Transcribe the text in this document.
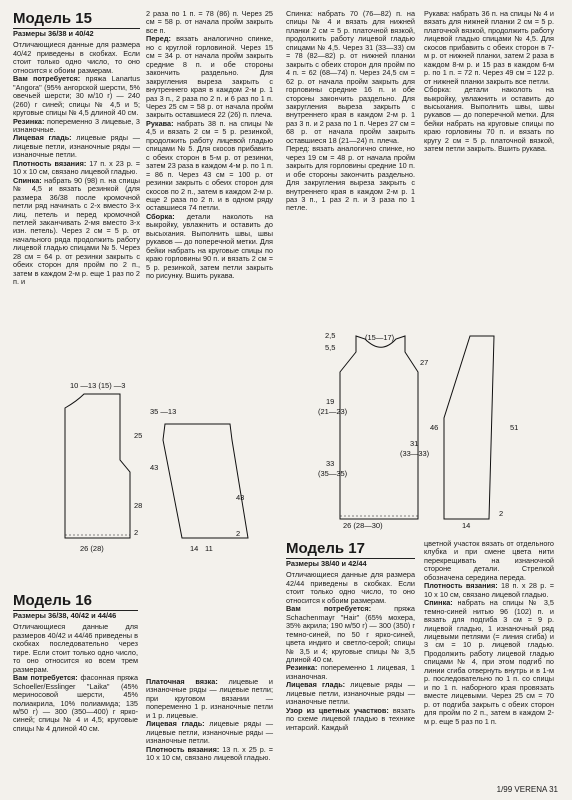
Модель 15
Размеры 36/38 и 40/42

Отличающиеся данные для размера 40/42 приведены в скобках. Если стоит только одно число, то оно относится к обоим размерам.

Вам потребуется: пряжа Lanartus "Angora" (95% ангорской шерсти, 5% овечьей шерсти; 30 м/10 г) — 240 (260) г синей; спицы № 4,5 и 5; круговые спицы № 4,5 длиной 40 см.

Резинка: попеременно 3 лицевые, 3 изнаночные.

Лицевая гладь: лицевые ряды — лицевые петли, изнаночные ряды — изнаночные петли.

Плотность вязания: 17 п. x 23 р. = 10 x 10 см, связано лицевой гладью.

Спинка: набрать 90 (98) п. на спицы № 4,5 и вязать резинкой (для размера 36/38 после кромочной петли ряд начинать с 2-х вместо 3-х лиц. петель и перед кромочной петлей заканчивать 2-мя вместо 3-х изн. петель). Через 2 см = 5 р. от начального ряда продолжить работу лицевой гладью спицами № 5. Через 28 см = 64 р. от резинки закрыть с обеих сторон для пройм по 2 п., затем в каждом 2-м р. еще 1 раз по 2 п. и

2 раза по 1 п. = 78 (86) п. Через 25 см = 58 р. от начала пройм закрыть все п.

Перед: вязать аналогично спинке, но с круглой горловиной. Через 15 см = 34 р. от начала пройм закрыть средние 8 п. и обе стороны закончить раздельно. Для закругления выреза закрыть с внутреннего края в каждом 2-м р. 1 раз 3 п., 2 раза по 2 п. и 6 раз по 1 п. Через 25 см = 58 р. от начала пройм закрыть оставшиеся 22 (26) п. плеча.

Рукава: набрать 38 п. на спицы № 4,5 и вязать 2 см = 5 р. резинкой, продолжить работу лицевой гладью спицами № 5. Для скосов прибавить с обеих сторон в 5-м р. от резинки, затем 23 раза в каждом 4-м р. по 1 п. = 86 п. Через 43 см = 100 р. от резинки закрыть с обеих сторон для скосов по 2 п., затем в каждом 2-м р. еще 2 раза по 2 п. и в одном ряду оставшиеся 74 петли.

Сборка: детали наколоть на выкройку, увлажнить и оставить до высыхания. Выполнить швы, швы рукавов — до поперечной метки. Для бейки набрать на круговые спицы по краю горловины 90 п. и вязать 2 см = 5 р. резинкой, затем петли закрыть по рисунку. Вшить рукава.

Спинка: набрать 70 (76—82) п. на спицы № 4 и вязать для нижней планки 2 см = 5 р. платочной вязкой, продолжить работу лицевой гладью спицами № 4,5. Через 31 (33—33) см = 78 (82—82) р. от нижней планки закрыть с обеих сторон для пройм по 4 п. = 62 (68—74) п. Через 24,5 см = 62 р. от начала пройм закрыть для горловины средние 16 п. и обе стороны закончить раздельно. Для закругления выреза закрыть с внутреннего края в каждом 2-м р. 1 раз 3 п. и 2 раза по 1 п. Через 27 см = 68 р. от начала пройм закрыть оставшиеся 18 (21—24) п. плеча.

Перед: вязать аналогично спинке, но через 19 см = 48 р. от начала пройм закрыть для горловины средние 10 п. и обе стороны закончить раздельно. Для закругления выреза закрыть с внутреннего края в каждом 2-м р. 1 раз 3 п., 1 раз 2 п. и 3 раза по 1 петле.

Рукава: набрать 36 п. на спицы № 4 и вязать для нижней планки 2 см = 5 р. платочной вязкой, продолжить работу лицевой гладью спицами № 4,5. Для скосов прибавить с обеих сторон в 7-м р. от нижней планки, затем 2 раза в каждом 8-м р. и 15 раз в каждом 6-м р. по 1 п. = 72 п. Через 49 см = 122 р. от нижней планки закрыть все петли.

Сборка: детали наколоть на выкройку, увлажнить и оставить до высыхания. Выполнить швы, швы рукавов — до поперечной метки. Для бейки набрать на круговые спицы по краю горловины 70 п. и вязать по кругу 2 см = 5 р. платочной вязкой, затем петли закрыть. Вшить рукава.

(15—17)
2,5
5,5
19
(21—23)
27
33
(35—35)
31
(33—33)
26 (28—30)
46	51
2
14
10 —13 (15) —3
25
43
28
2
26 (28)
35 —13
43
2
14 11
Модель 16
Размеры 36/38, 40/42 и 44/46

Отличающиеся данные для размеров 40/42 и 44/46 приведены в скобках последовательно через тире. Если стоит только одно число, то оно относится ко всем трем размерам.

Вам потребуется: фасонная пряжа Schoeller/Esslinger "Laika" (45% мериносовой шерсти, 45% полиакрила, 10% полиамида; 135 м/50 г) — 300 (350—400) г ярко-синей; спицы № 4 и 4,5; круговые спицы № 4 длиной 40 см.

Платочная вязка: лицевые и изнаночные ряды — лицевые петли; при круговом вязании — попеременно 1 р. изнаночные петли и 1 р. лицевые.

Лицевая гладь: лицевые ряды — лицевые петли, изнаночные ряды — изнаночные петли.

Плотность вязания: 13 п. x 25 р. = 10 x 10 см, связано лицевой гладью.

Модель 17
Размеры 38/40 и 42/44

Отличающиеся данные для размера 42/44 приведены в скобках. Если стоит только одно число, то оно относится к обоим размерам.

Вам потребуется:	пряжа Schachenmayr "Hair" (65% мохера, 35% акрила; 190 м/50 г) — 300 (350) г темно-синей, по 50 г ярко-синей, цвета индиго и светло-серой; спицы № 3,5 и 4; круговые спицы № 3,5 длиной 40 см.

Резинка: попеременно 1 лицевая, 1 изнаночная.

Лицевая гладь: лицевые ряды — лицевые петли, изнаночные ряды — изнаночные петли.

Узор из цветных участков: вязать по схеме лицевой гладью в технике интарсий. Каждый

цветной участок вязать от отдельного клубка и при смене цвета нити перекрещивать на изнаночной стороне детали. Стрелкой обозначена середина переда.

Плотность вязания: 18 п. x 28 р. = 10 x 10 см, связано лицевой гладью.

Спинка: набрать на спицы № 3,5 темно-синей нитью 96 (102) п. и вязать для подгиба 3 см = 9 р. лицевой гладью, 1 изнаночный ряд лицевыми петлями (= линия сгиба) и 3 см = 10 р. лицевой гладью. Продолжить работу лицевой гладью спицами № 4, при этом подгиб по линии сгиба отвернуть внутрь и в 1-м р. последовательно по 1 п. со спицы и по 1 п. наборного края провязать вместе лицевыми. Через 25 см = 70 р. от подгиба закрыть с обеих сторон для пройм по 2 п., затем в каждом 2-м р. еще 5 раз по 1 п.

1/99 VERENA 31
